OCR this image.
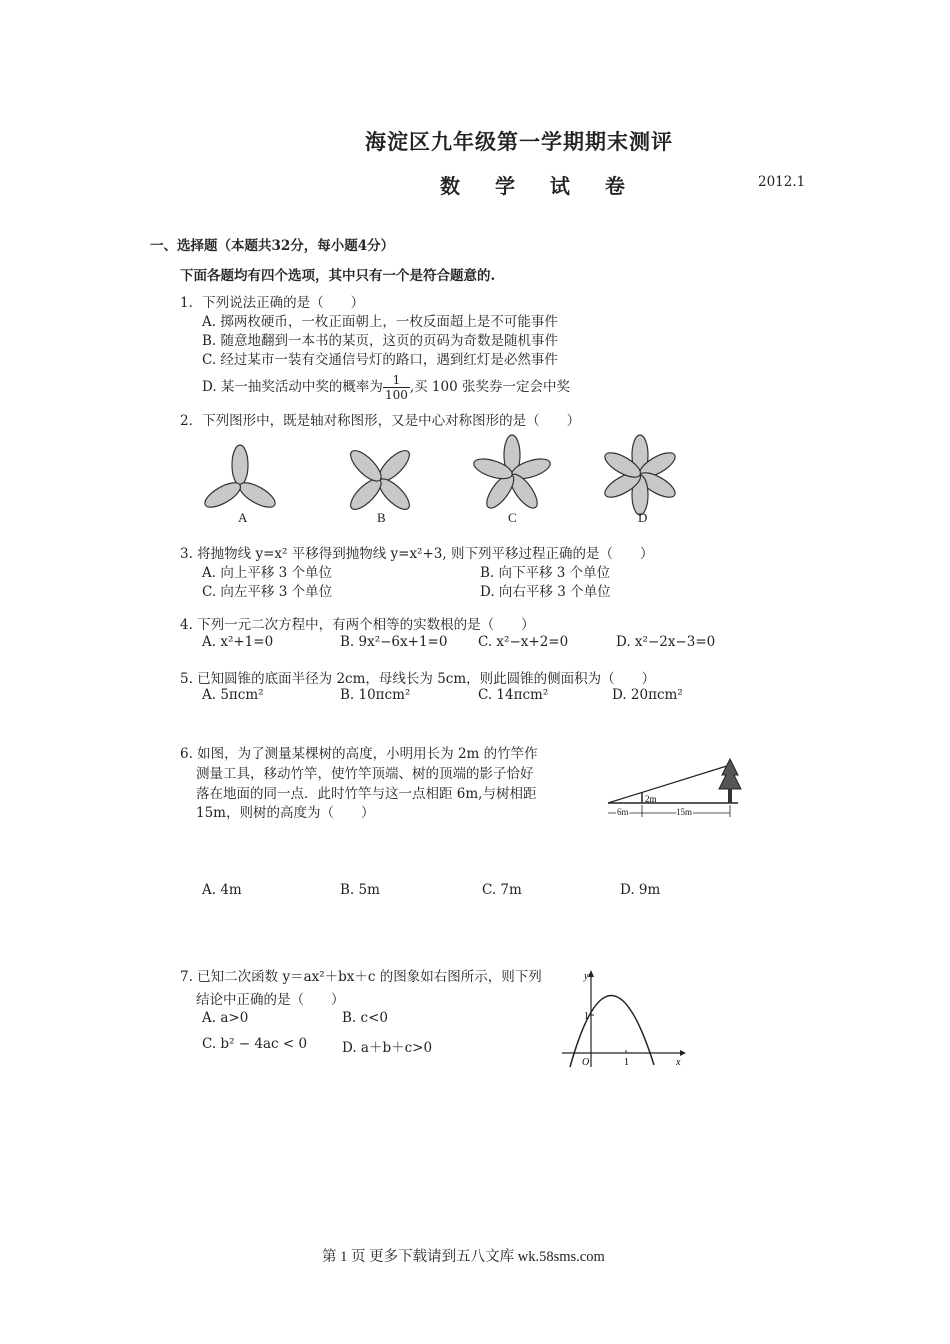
海淀区九年级第一学期期末测评
数 学 试 卷	2012.1
一、选择题（本题共32分，每小题4分）
下面各题均有四个选项，其中只有一个是符合题意的.
1．下列说法正确的是（　　）
A. 掷两枚硬币，一枚正面朝上，一枚反面超上是不可能事件
B. 随意地翻到一本书的某页，这页的页码为奇数是随机事件
C. 经过某市一装有交通信号灯的路口，遇到红灯是必然事件
D. 某一抽奖活动中奖的概率为 $\frac{1}{100}$ ,买 100 张奖券一定会中奖
2．下列图形中，既是轴对称图形，又是中心对称图形的是（　　）
A	B	C	D
3. 将抛物线 y=x² 平移得到抛物线 y=x²+3, 则下列平移过程正确的是（　　）
A. 向上平移 3 个单位	B. 向下平移 3 个单位
C. 向左平移 3 个单位	D. 向右平移 3 个单位
4. 下列一元二次方程中，有两个相等的实数根的是（　　）
A. x²+1=0	B. 9x²−6x+1=0 C. x²−x+2=0	D. x²−2x−3=0
5. 已知圆锥的底面半径为 2cm，母线长为 5cm，则此圆锥的侧面积为（　　）
A. 5πcm²	B. 10πcm²	C. 14πcm²	D. 20πcm²
6. 如图，为了测量某棵树的高度，小明用长为 2m 的竹竿作
测量工具，移动竹竿，使竹竿顶端、树的顶端的影子恰好
落在地面的同一点．此时竹竿与这一点相距 6m,与树相距
15m，则树的高度为（　　）
2m
6m	15m
A. 4m	B. 5m	C. 7m	D. 9m
7. 已知二次函数 y＝ax²＋bx＋c 的图象如右图所示，则下列
结论中正确的是（　　）
A. a>0	B. c<0
C. b² − 4ac < 0	D. a＋b＋c>0
y
x
O	1
1
第 1 页 更多下载请到五八文库 wk.58sms.com
